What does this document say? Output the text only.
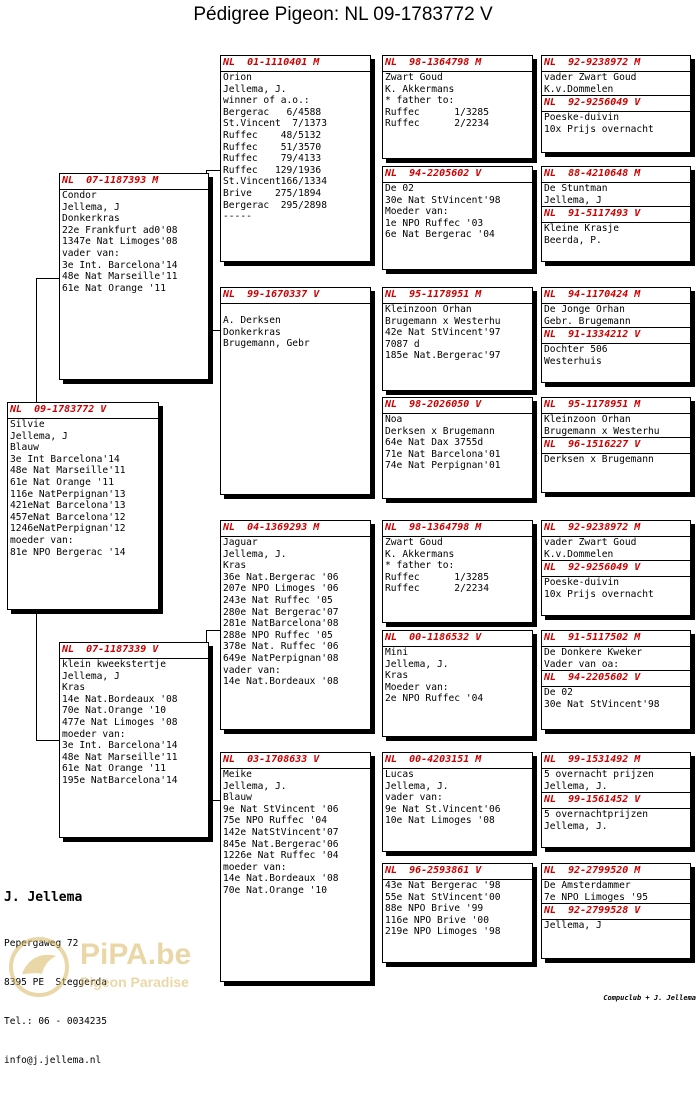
Pédigree Pigeon: NL 09-1783772 V
NL  09-1783772 V
Silvie
Jellema, J
Blauw
3e Int Barcelona'14
48e Nat Marseille'11
61e Nat Orange '11
116e NatPerpignan'13
421eNat Barcelona'13
457eNat Barcelona'12
1246eNatPerpignan'12
moeder van:
81e NPO Bergerac '14
NL  07-1187393 M
Condor
Jellema, J
Donkerkras
22e Frankfurt ad0'08
1347e Nat Limoges'08
vader van:
3e Int. Barcelona'14
48e Nat Marseille'11
61e Nat Orange '11
NL  07-1187339 V
klein kweekstertje
Jellema, J
Kras
14e Nat.Bordeaux '08
70e Nat.Orange '10
477e Nat Limoges '08
moeder van:
3e Int. Barcelona'14
48e Nat Marseille'11
61e Nat Orange '11
195e NatBarcelona'14
NL  01-1110401 M
Orion
Jellema, J.
winner of a.o.:
Bergerac   6/4588
St.Vincent  7/1373
Ruffec    48/5132
Ruffec    51/3570
Ruffec    79/4133
Ruffec   129/1936
St.Vincent166/1334
Brive    275/1894
Bergerac  295/2898
-----
NL  99-1670337 V
A. Derksen
Donkerkras
Brugemann, Gebr
NL  04-1369293 M
Jaguar
Jellema, J.
Kras
36e Nat.Bergerac '06
207e NPO Limoges '06
243e Nat Ruffec '05
280e Nat Bergerac'07
281e NatBarcelona'08
288e NPO Ruffec '05
378e Nat. Ruffec '06
649e NatPerpignan'08
vader van:
14e Nat.Bordeaux '08
NL  03-1708633 V
Meike
Jellema, J.
Blauw
9e Nat StVincent '06
75e NPO Ruffec '04
142e NatStVincent'07
845e Nat.Bergerac'06
1226e Nat Ruffec '04
moeder van:
14e Nat.Bordeaux '08
70e Nat.Orange '10
NL  98-1364798 M
Zwart Goud
K. Akkermans
* father to:
Ruffec      1/3285
Ruffec      2/2234
NL  94-2205602 V
De 02
30e Nat StVincent'98
Moeder van:
1e NPO Ruffec '03
6e Nat Bergerac '04
NL  95-1178951 M
Kleinzoon Orhan
Brugemann x Westerhu
42e Nat StVincent'97
7087 d
185e Nat.Bergerac'97
NL  98-2026050 V
Noa
Derksen x Brugemann
64e Nat Dax 3755d
71e Nat Barcelona'01
74e Nat Perpignan'01
NL  98-1364798 M
Zwart Goud
K. Akkermans
* father to:
Ruffec      1/3285
Ruffec      2/2234
NL  00-1186532 V
Mini
Jellema, J.
Kras
Moeder van:
2e NPO Ruffec '04
NL  00-4203151 M
Lucas
Jellema, J.
vader van:
9e Nat St.Vincent'06
10e Nat Limoges '08
NL  96-2593861 V
43e Nat Bergerac '98
55e Nat StVincent'00
88e NPO Brive '99
116e NPO Brive '00
219e NPO Limoges '98
NL  92-9238972 M
vader Zwart Goud
K.v.Dommelen
NL  92-9256049 V
Poeske-duivin
10x Prijs overnacht
NL  88-4210648 M
De Stuntman
Jellema, J
NL  91-5117493 V
Kleine Krasje
Beerda, P.
NL  94-1170424 M
De Jonge Orhan
Gebr. Brugemann
NL  91-1334212 V
Dochter 506
Westerhuis
NL  95-1178951 M
Kleinzoon Orhan
Brugemann x Westerhu
NL  96-1516227 V
Derksen x Brugemann
NL  92-9238972 M
vader Zwart Goud
K.v.Dommelen
NL  92-9256049 V
Poeske-duivin
10x Prijs overnacht
NL  91-5117502 M
De Donkere Kweker
Vader van oa:
NL  94-2205602 V
De 02
30e Nat StVincent'98
NL  99-1531492 M
5 overnacht prijzen
Jellema, J.
NL  99-1561452 V
5 overnachtprijzen
Jellema, J.
NL  92-2799520 M
De Amsterdammer
7e NPO Limoges '95
NL  92-2799528 V
Jellema, J
J. Jellema

Pepergaweg 72

8395 PE  Steggerda

Tel.: 06 - 0034235

info@j.jellema.nl

PiPA.be
Pigeon Paradise
Compuclub + J. Jellema
